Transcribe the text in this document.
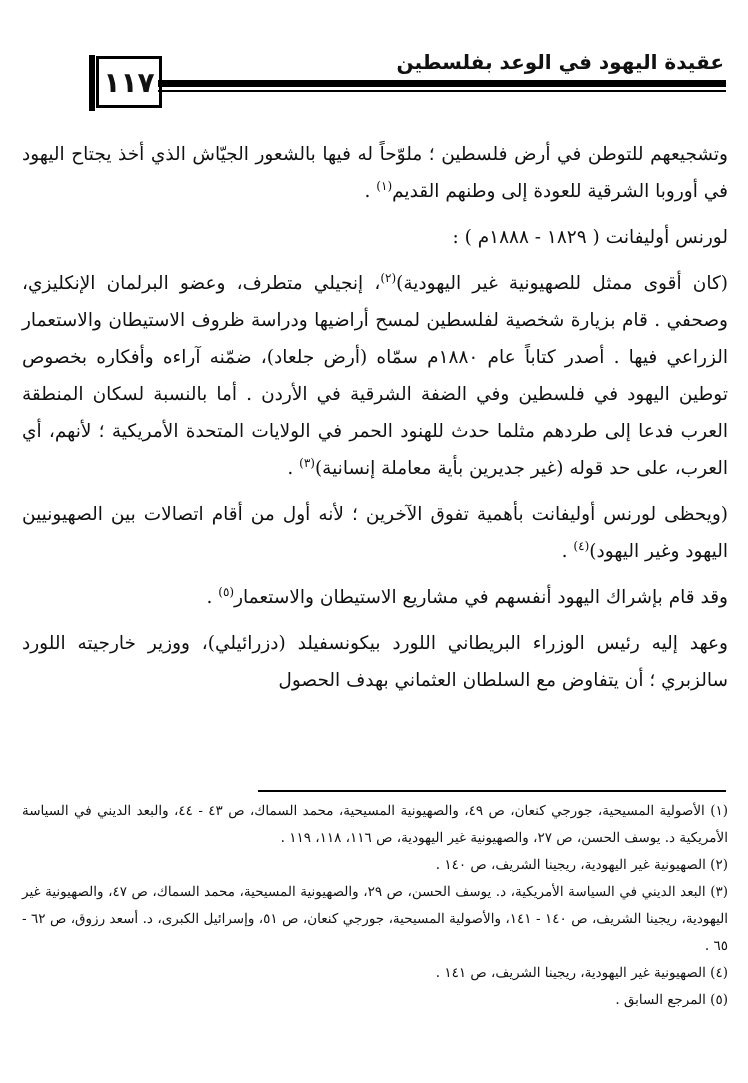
١١٧
عقيدة اليهود في الوعد بفلسطين

وتشجيعهم للتوطن في أرض فلسطين ؛ ملوّحاً له فيها بالشعور الجيّاش الذي أخذ يجتاح اليهود في أوروبا الشرقية للعودة إلى وطنهم القديم$^{(١)}$ .

لورنس أوليفانت ( ١٨٢٩ - ١٨٨٨م ) :

(كان أقوى ممثل للصهيونية غير اليهودية)$^{(٢)}$، إنجيلي متطرف، وعضو البرلمان الإنكليزي، وصحفي . قام بزيارة شخصية لفلسطين لمسح أراضيها ودراسة ظروف الاستيطان والاستعمار الزراعي فيها . أصدر كتاباً عام ١٨٨٠م سمّاه (أرض جلعاد)، ضمّنه آراءه وأفكاره بخصوص توطين اليهود في فلسطين وفي الضفة الشرقية في الأردن . أما بالنسبة لسكان المنطقة العرب فدعا إلى طردهم مثلما حدث للهنود الحمر في الولايات المتحدة الأمريكية ؛ لأنهم، أي العرب، على حد قوله (غير جديرين بأية معاملة إنسانية)$^{(٣)}$ .

(ويحظى لورنس أوليفانت بأهمية تفوق الآخرين ؛ لأنه أول من أقام اتصالات بين الصهيونيين اليهود وغير اليهود)$^{(٤)}$ .

وقد قام بإشراك اليهود أنفسهم في مشاريع الاستيطان والاستعمار$^{(٥)}$ .

وعهد إليه رئيس الوزراء البريطاني اللورد بيكونسفيلد (دزرائيلي)، ووزير خارجيته اللورد سالزبري ؛ أن يتفاوض مع السلطان العثماني بهدف الحصول

(١) الأصولية المسيحية، جورجي كنعان، ص ٤٩، والصهيونية المسيحية، محمد السماك، ص ٤٣ - ٤٤، والبعد الديني في السياسة الأمريكية د. يوسف الحسن، ص ٢٧، والصهيونية غير اليهودية، ص ١١٦، ١١٨، ١١٩ .

(٢) الصهيونية غير اليهودية، ريجينا الشريف، ص ١٤٠ .

(٣) البعد الديني في السياسة الأمريكية، د. يوسف الحسن، ص ٢٩، والصهيونية المسيحية، محمد السماك، ص ٤٧، والصهيونية غير اليهودية، ريجينا الشريف، ص ١٤٠ - ١٤١، والأصولية المسيحية، جورجي كنعان، ص ٥١، وإسرائيل الكبرى، د. أسعد رزوق، ص ٦٢ - ٦٥ .

(٤) الصهيونية غير اليهودية، ريجينا الشريف، ص ١٤١ .

(٥) المرجع السابق .
